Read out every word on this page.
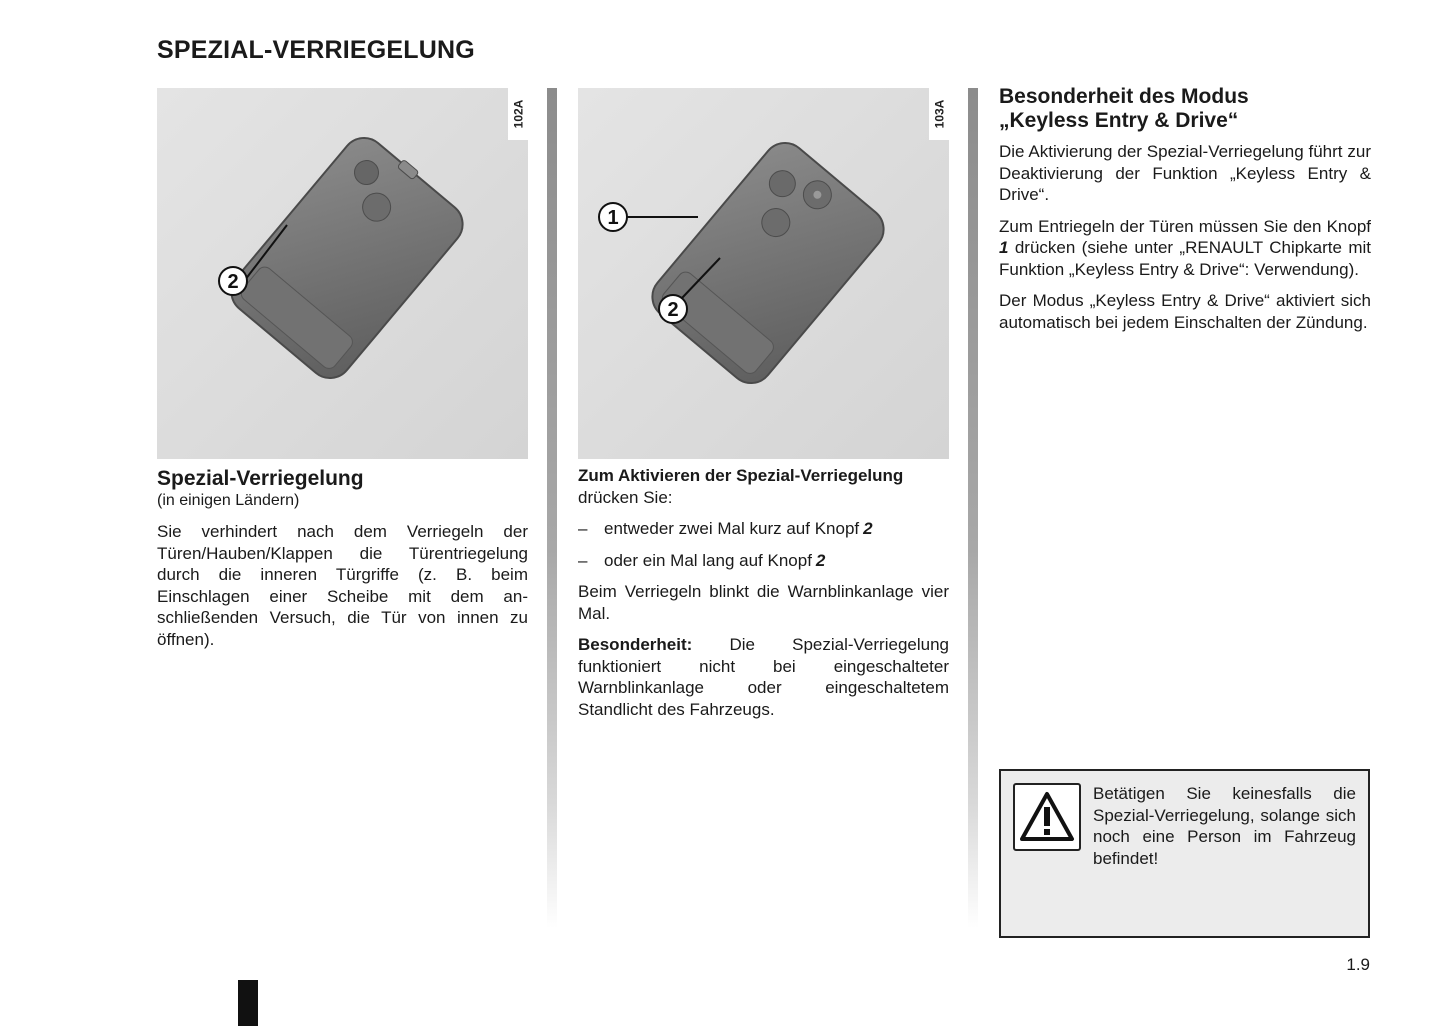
SPEZIAL-VERRIEGELUNG
2
102A
Spezial-Verriegelung

(in einigen Ländern)

Sie verhindert nach dem Verriegeln der Türen/Hauben/Klappen die Türentriegelung durch die inneren Türgriffe (z. B. beim Einschlagen einer Scheibe mit dem anschließenden Versuch, die Tür von innen zu öffnen).

1
2
103A

Zum Aktivieren der Spezial-Verriegelung
drücken Sie:

– entweder zwei Mal kurz auf Knopf 2
– oder ein Mal lang auf Knopf 2

Beim Verriegeln blinkt die Warnblinkanlage vier Mal.

Besonderheit: Die Spezial-Verriegelung funktioniert nicht bei eingeschalteter Warnblinkanlage oder eingeschaltetem Standlicht des Fahrzeugs.

Besonderheit des Modus
„Keyless Entry & Drive“

Die Aktivierung der Spezial-Verriegelung führt zur Deaktivierung der Funktion „Keyless Entry & Drive“.

Zum Entriegeln der Türen müssen Sie den Knopf 1 drücken (siehe unter „RENAULT Chipkarte mit Funktion „Keyless Entry & Drive“: Verwendung).

Der Modus „Keyless Entry & Drive“ aktiviert sich automatisch bei jedem Einschalten der Zündung.

Betätigen Sie keinesfalls die Spezial-Verriegelung, solange sich noch eine Person im Fahrzeug befindet!

1.9
